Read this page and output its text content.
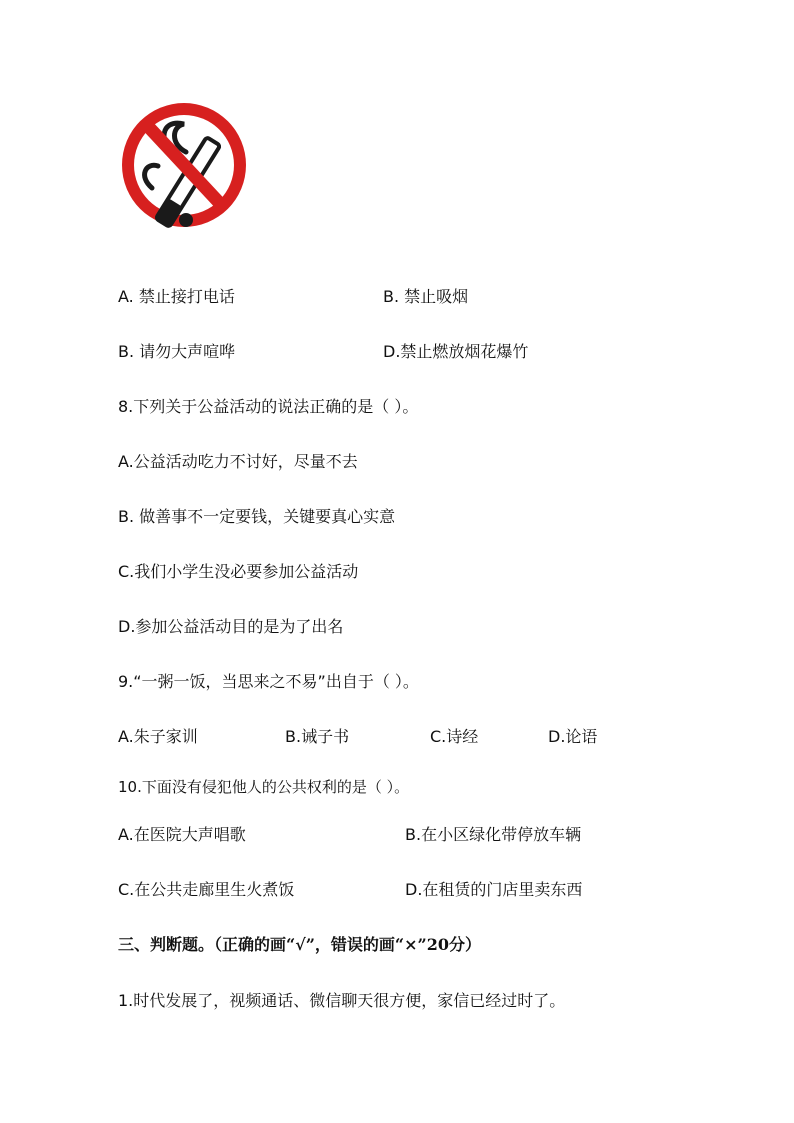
A. 禁止接打电话	B. 禁止吸烟
B. 请勿大声喧哗	D.禁止燃放烟花爆竹
8.下列关于公益活动的说法正确的是（ ）。
A.公益活动吃力不讨好，尽量不去
B. 做善事不一定要钱，关键要真心实意
C.我们小学生没必要参加公益活动
D.参加公益活动目的是为了出名
9.“一粥一饭，当思来之不易”出自于（ ）。
A.朱子家训	B.诫子书	C.诗经	D.论语
10.下面没有侵犯他人的公共权利的是（ ）。
A.在医院大声唱歌	B.在小区绿化带停放车辆
C.在公共走廊里生火煮饭	D.在租赁的门店里卖东西
三、判断题。（正确的画“√”，错误的画“×”20分）
1.时代发展了，视频通话、微信聊天很方便，家信已经过时了。
